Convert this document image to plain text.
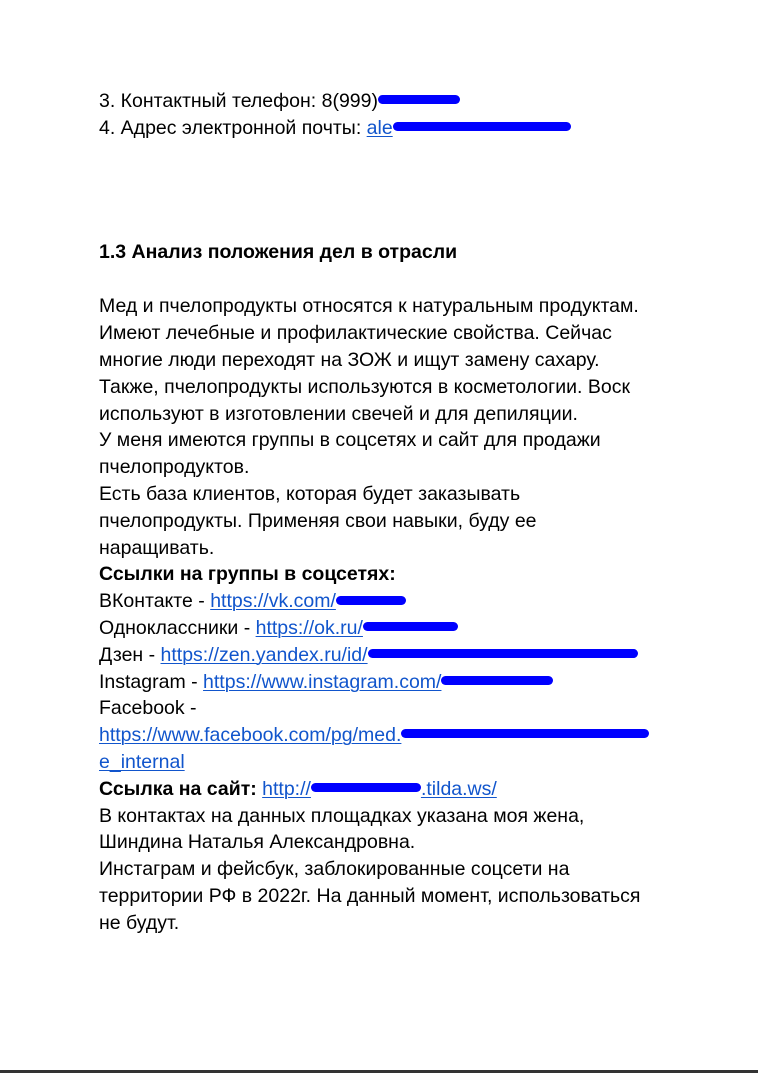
3. Контактный телефон: 8(999)
4. Адрес электронной почты: ale
1.3 Анализ положения дел в отрасли
Мед и пчелопродукты относятся к натуральным продуктам.
Имеют лечебные и профилактические свойства. Сейчас
многие люди переходят на ЗОЖ и ищут замену сахару.
Также, пчелопродукты используются в косметологии. Воск
используют в изготовлении свечей и для депиляции.
У меня имеются группы в соцсетях и сайт для продажи
пчелопродуктов.
Есть база клиентов, которая будет заказывать
пчелопродукты. Применяя свои навыки, буду ее
наращивать.
Ссылки на группы в соцсетях:
ВКонтакте - https://vk.com/
Одноклассники - https://ok.ru/
Дзен - https://zen.yandex.ru/id/
Instagram - https://www.instagram.com/
Facebook -
https://www.facebook.com/pg/med.
e_internal
Ссылка на сайт: http://	.tilda.ws/
В контактах на данных площадках указана моя жена,
Шиндина Наталья Александровна.
Инстаграм и фейсбук, заблокированные соцсети на
территории РФ в 2022г. На данный момент, использоваться
не будут.
